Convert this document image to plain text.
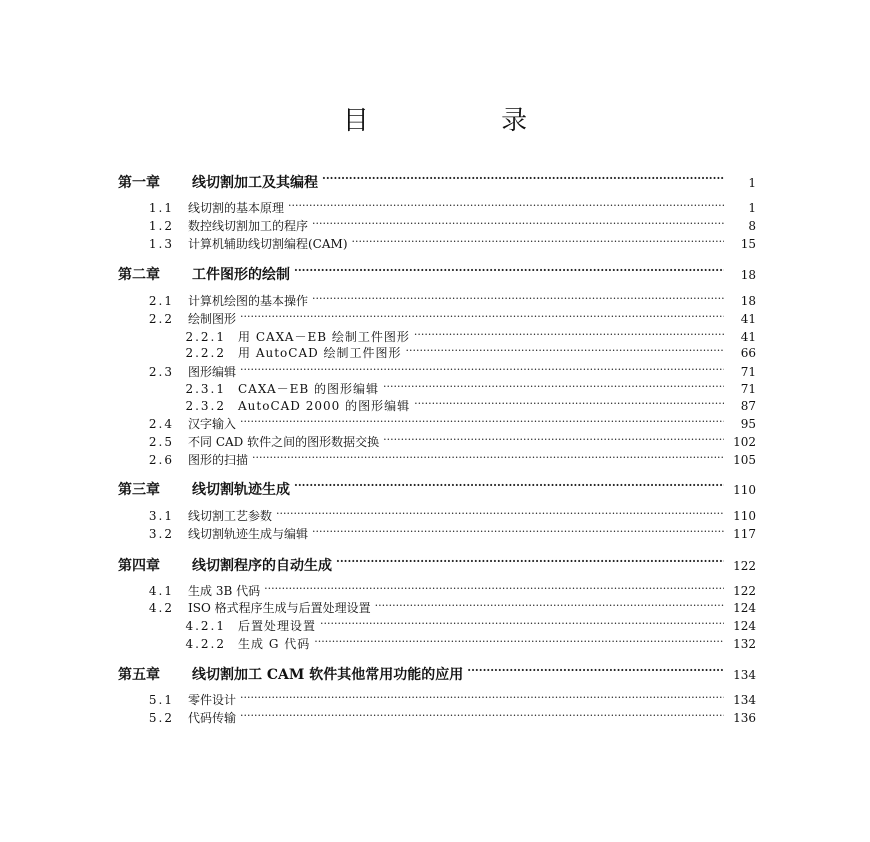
目 录
第一章	线切割加工及其编程 ·····	1
1.1 线切割的基本原理 ·····	1
1.2 数控线切割加工的程序 ·····	8
1.3 计算机辅助线切割编程(CAM) ·····	15
第二章	工件图形的绘制 ·····	18
2.1 计算机绘图的基本操作 ·····	18
2.2 绘制图形 ·····	41
2.2.1 用 CAXA－EB 绘制工件图形 ·····	41
2.2.2 用 AutoCAD 绘制工件图形 ·····	66
2.3 图形编辑 ·····	71
2.3.1 CAXA－EB 的图形编辑 ·····	71
2.3.2 AutoCAD 2000 的图形编辑 ·····	87
2.4 汉字输入 ·····	95
2.5 不同 CAD 软件之间的图形数据交换 ·····	102
2.6 图形的扫描 ·····	105
第三章	线切割轨迹生成 ·····	110
3.1 线切割工艺参数 ·····	110
3.2 线切割轨迹生成与编辑 ·····	117
第四章	线切割程序的自动生成 ·····	122
4.1 生成 3B 代码 ·····	122
4.2 ISO 格式程序生成与后置处理设置 ·····	124
4.2.1 后置处理设置 ·····	124
4.2.2 生成 G 代码 ·····	132
第五章	线切割加工 CAM 软件其他常用功能的应用 ·····	134
5.1 零件设计 ·····	134
5.2 代码传输 ·····	136
